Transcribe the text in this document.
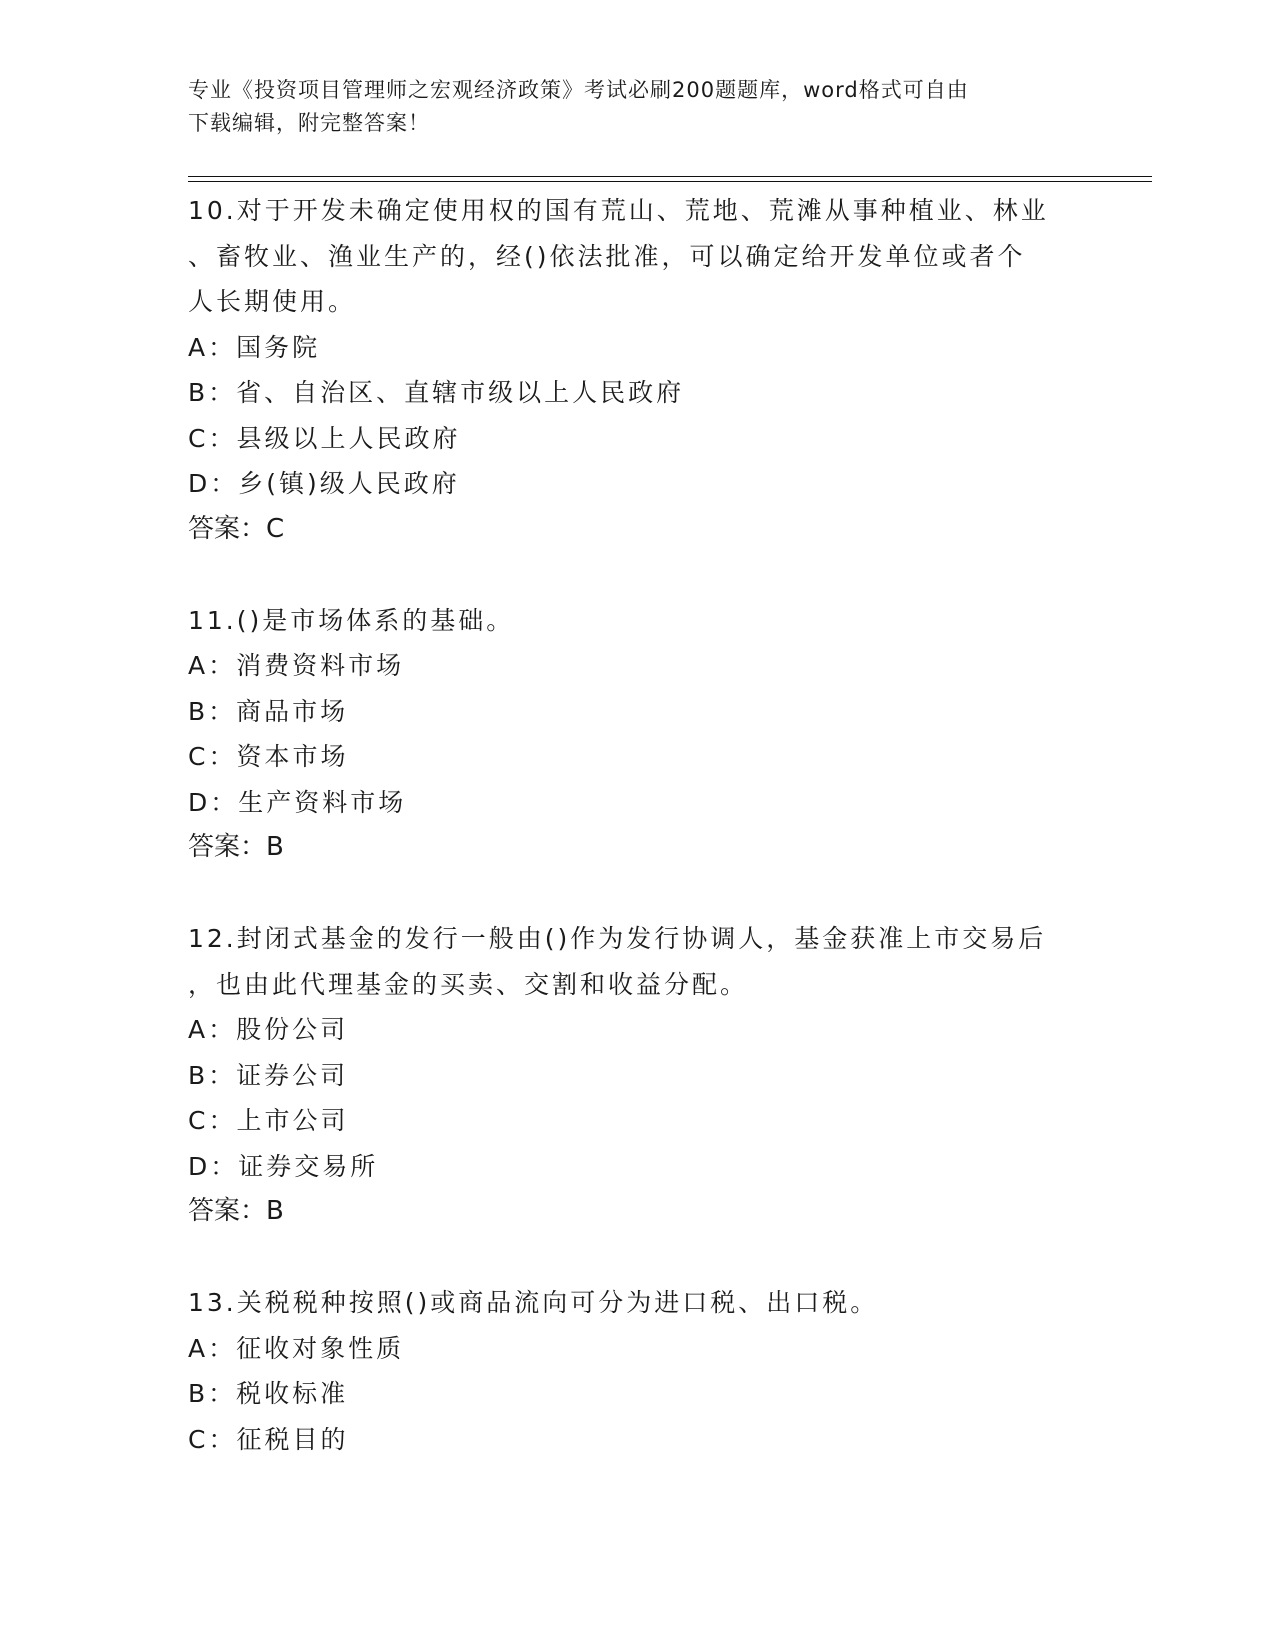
专业《投资项目管理师之宏观经济政策》考试必刷200题题库，word格式可自由
下载编辑，附完整答案！
10.对于开发未确定使用权的国有荒山、荒地、荒滩从事种植业、林业
、畜牧业、渔业生产的，经()依法批准，可以确定给开发单位或者个
人长期使用。
A：国务院
B：省、自治区、直辖市级以上人民政府
C：县级以上人民政府
D：乡(镇)级人民政府
答案：C
11.()是市场体系的基础。
A：消费资料市场
B：商品市场
C：资本市场
D：生产资料市场
答案：B
12.封闭式基金的发行一般由()作为发行协调人，基金获准上市交易后
，也由此代理基金的买卖、交割和收益分配。
A：股份公司
B：证券公司
C：上市公司
D：证券交易所
答案：B
13.关税税种按照()或商品流向可分为进口税、出口税。
A：征收对象性质
B：税收标准
C：征税目的
